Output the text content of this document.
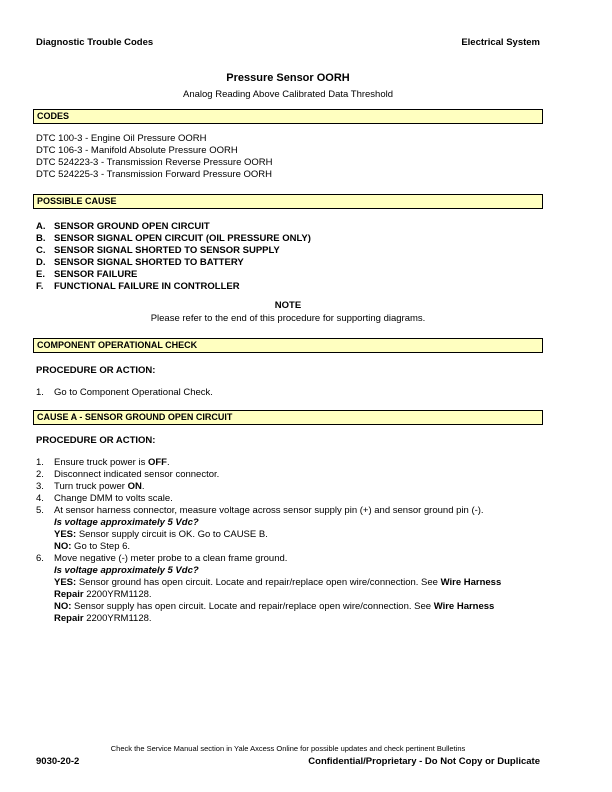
Diagnostic Trouble Codes	Electrical System
Pressure Sensor OORH
Analog Reading Above Calibrated Data Threshold
CODES
DTC 100-3 - Engine Oil Pressure OORH
DTC 106-3 - Manifold Absolute Pressure OORH
DTC 524223-3 - Transmission Reverse Pressure OORH
DTC 524225-3 - Transmission Forward Pressure OORH
POSSIBLE CAUSE
A. SENSOR GROUND OPEN CIRCUIT
B. SENSOR SIGNAL OPEN CIRCUIT (OIL PRESSURE ONLY)
C. SENSOR SIGNAL SHORTED TO SENSOR SUPPLY
D. SENSOR SIGNAL SHORTED TO BATTERY
E. SENSOR FAILURE
F.	FUNCTIONAL FAILURE IN CONTROLLER
NOTE
Please refer to the end of this procedure for supporting diagrams.
COMPONENT OPERATIONAL CHECK
PROCEDURE OR ACTION:
1.	Go to Component Operational Check.
CAUSE A - SENSOR GROUND OPEN CIRCUIT
PROCEDURE OR ACTION:
1.	Ensure truck power is OFF.
2.	Disconnect indicated sensor connector.
3.	Turn truck power ON.
4.	Change DMM to volts scale.
5.	At sensor harness connector, measure voltage across sensor supply pin (+) and sensor ground pin (-).
Is voltage approximately 5 Vdc?
YES: Sensor supply circuit is OK. Go to CAUSE B.
NO: Go to Step 6.
6.	Move negative (-) meter probe to a clean frame ground.
Is voltage approximately 5 Vdc?
YES: Sensor ground has open circuit. Locate and repair/replace open wire/connection. See Wire Harness
Repair 2200YRM1128.
NO: Sensor supply has open circuit. Locate and repair/replace open wire/connection. See Wire Harness
Repair 2200YRM1128.
Check the Service Manual section in Yale Axcess Online for possible updates and check pertinent Bulletins
9030-20-2	Confidential/Proprietary - Do Not Copy or Duplicate
